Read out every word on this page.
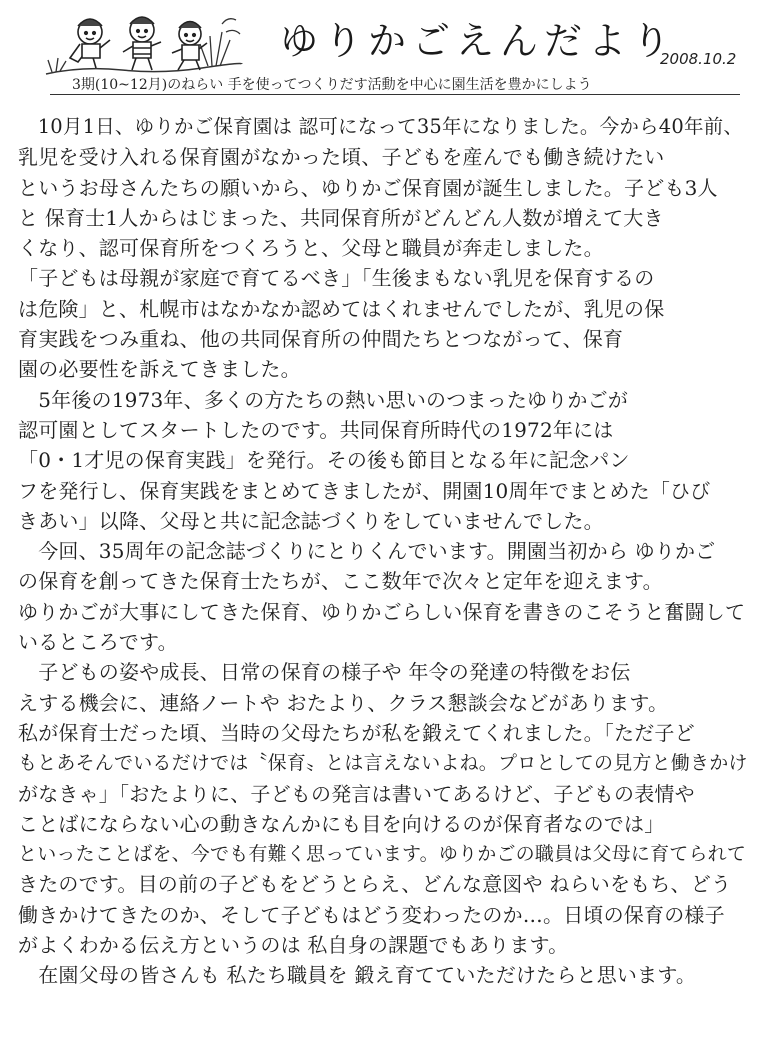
ゆりかごえんだより
2008.10.2
3期(10~12月)のねらい 手を使ってつくりだす活動を中心に園生活を豊かにしよう
　10月1日、ゆりかご保育園は 認可になって35年になりました。今から40年前、
乳児を受け入れる保育園がなかった頃、子どもを産んでも働き続けたい
というお母さんたちの願いから、ゆりかご保育園が誕生しました。子ども3人
と 保育士1人からはじまった、共同保育所がどんどん人数が増えて大き
くなり、認可保育所をつくろうと、父母と職員が奔走しました。
「子どもは母親が家庭で育てるべき」「生後まもない乳児を保育するの
は危険」と、札幌市はなかなか認めてはくれませんでしたが、乳児の保
育実践をつみ重ね、他の共同保育所の仲間たちとつながって、保育
園の必要性を訴えてきました。
　5年後の1973年、多くの方たちの熱い思いのつまったゆりかごが
認可園としてスタートしたのです。共同保育所時代の1972年には
「0・1才児の保育実践」を発行。その後も節目となる年に記念パン
フを発行し、保育実践をまとめてきましたが、開園10周年でまとめた「ひび
きあい」以降、父母と共に記念誌づくりをしていませんでした。
　今回、35周年の記念誌づくりにとりくんでいます。開園当初から ゆりかご
の保育を創ってきた保育士たちが、ここ数年で次々と定年を迎えます。
ゆりかごが大事にしてきた保育、ゆりかごらしい保育を書きのこそうと奮闘して
いるところです。
　子どもの姿や成長、日常の保育の様子や 年令の発達の特徴をお伝
えする機会に、連絡ノートや おたより、クラス懇談会などがあります。
私が保育士だった頃、当時の父母たちが私を鍛えてくれました。「ただ子ど
もとあそんでいるだけでは〝保育〟とは言えないよね。プロとしての見方と働きかけ
がなきゃ」「おたよりに、子どもの発言は書いてあるけど、子どもの表情や
ことばにならない心の動きなんかにも目を向けるのが保育者なのでは」
といったことばを、今でも有難く思っています。ゆりかごの職員は父母に育てられて
きたのです。目の前の子どもをどうとらえ、どんな意図や ねらいをもち、どう
働きかけてきたのか、そして子どもはどう変わったのか…。日頃の保育の様子
がよくわかる伝え方というのは 私自身の課題でもあります。
　在園父母の皆さんも 私たち職員を 鍛え育てていただけたらと思います。
